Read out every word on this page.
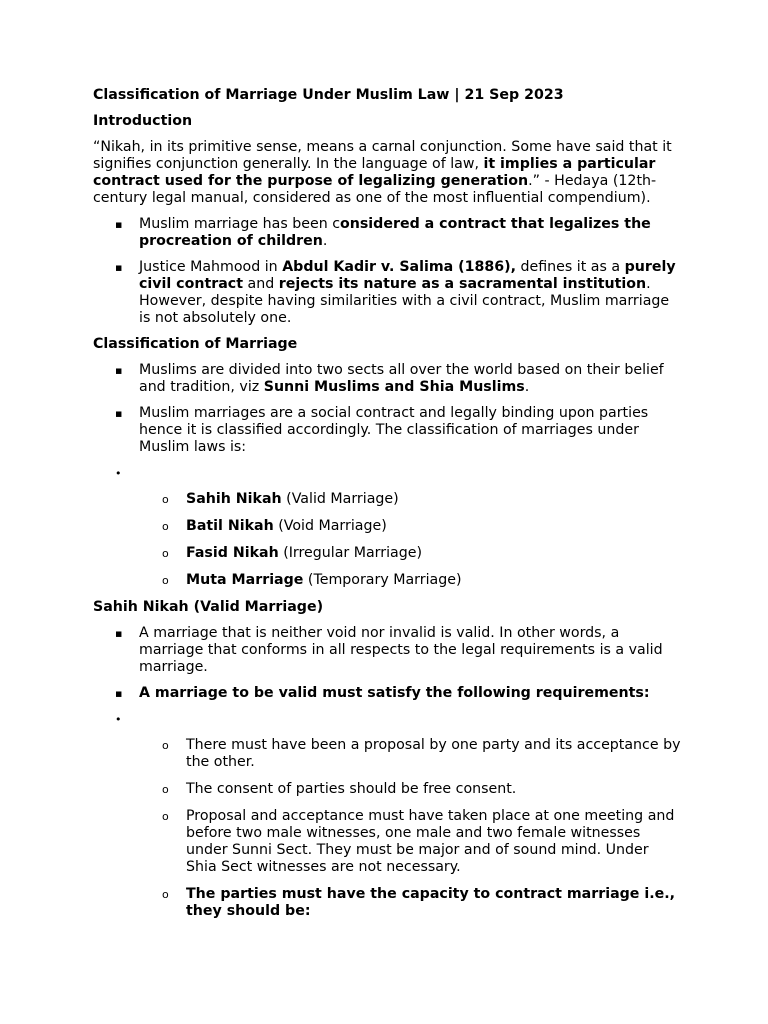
Classification of Marriage Under Muslim Law | 21 Sep 2023

Introduction

“Nikah, in its primitive sense, means a carnal conjunction. Some have said that it signifies conjunction generally. In the language of law, it implies a particular contract used for the purpose of legalizing generation.” - Hedaya (12th-century legal manual, considered as one of the most influential compendium).

▪ Muslim marriage has been considered a contract that legalizes the procreation of children.
▪ Justice Mahmood in Abdul Kadir v. Salima (1886), defines it as a purely civil contract and rejects its nature as a sacramental institution. However, despite having similarities with a civil contract, Muslim marriage is not absolutely one.

Classification of Marriage

▪ Muslims are divided into two sects all over the world based on their belief and tradition, viz Sunni Muslims and Shia Muslims.
▪ Muslim marriages are a social contract and legally binding upon parties hence it is classified accordingly. The classification of marriages under Muslim laws is:
•
o Sahih Nikah (Valid Marriage)
o Batil Nikah (Void Marriage)
o Fasid Nikah (Irregular Marriage)
o Muta Marriage (Temporary Marriage)

Sahih Nikah (Valid Marriage)

▪ A marriage that is neither void nor invalid is valid. In other words, a marriage that conforms in all respects to the legal requirements is a valid marriage.
▪ A marriage to be valid must satisfy the following requirements:
•
o There must have been a proposal by one party and its acceptance by the other.
o The consent of parties should be free consent.
o Proposal and acceptance must have taken place at one meeting and before two male witnesses, one male and two female witnesses under Sunni Sect. They must be major and of sound mind. Under Shia Sect witnesses are not necessary.
o The parties must have the capacity to contract marriage i.e., they should be:
